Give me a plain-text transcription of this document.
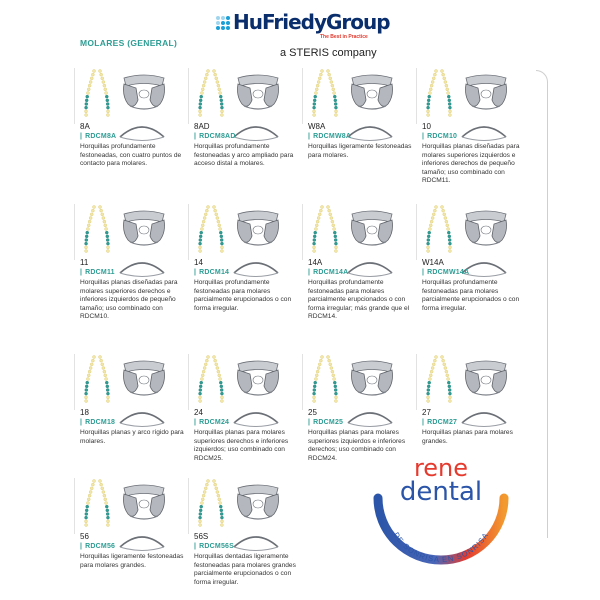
HuFriedyGroup
The Best in Practice
a STERIS company
MOLARES (GENERAL)
8A
| RDCM8A
Horquillas profundamente festoneadas, con cuatro puntos de contacto para molares.
8AD
| RDCM8AD
Horquillas profundamente festoneadas y arco ampliado para acceso distal a molares.
W8A
| RDCMW8A
Horquillas ligeramente festoneadas para molares.
10
| RDCM10
Horquillas planas diseñadas para molares superiores izquierdos e inferiores derechos de pequeño tamaño; uso combinado con RDCM11.
11
| RDCM11
Horquillas planas diseñadas para molares superiores derechos e inferiores izquierdos de pequeño tamaño; uso combinado con RDCM10.
14
| RDCM14
Horquillas profundamente festoneadas para molares parcialmente erupcionados o con forma irregular.
14A
| RDCM14A
Horquillas profundamente festoneadas para molares parcialmente erupcionados o con forma irregular; más grande que el RDCM14.
W14A
| RDCMW14A
Horquillas profundamente festoneadas para molares parcialmente erupcionados o con forma irregular.
18
| RDCM18
Horquillas planas y arco rígido para molares.
24
| RDCM24
Horquillas planas para molares superiores derechos e inferiores izquierdos; uso combinado con RDCM25.
25
| RDCM25
Horquillas planas para molares superiores izquierdos e inferiores derechos; uso combinado con RDCM24.
27
| RDCM27
Horquillas planas para molares grandes.
56
| RDCM56
Horquillas ligeramente festoneadas para molares grandes.
56S
| RDCM56S
Horquillas dentadas ligeramente festoneadas para molares grandes parcialmente erupcionados o con forma irregular.
rene
dental
DE SONRISA EN SONRISA
